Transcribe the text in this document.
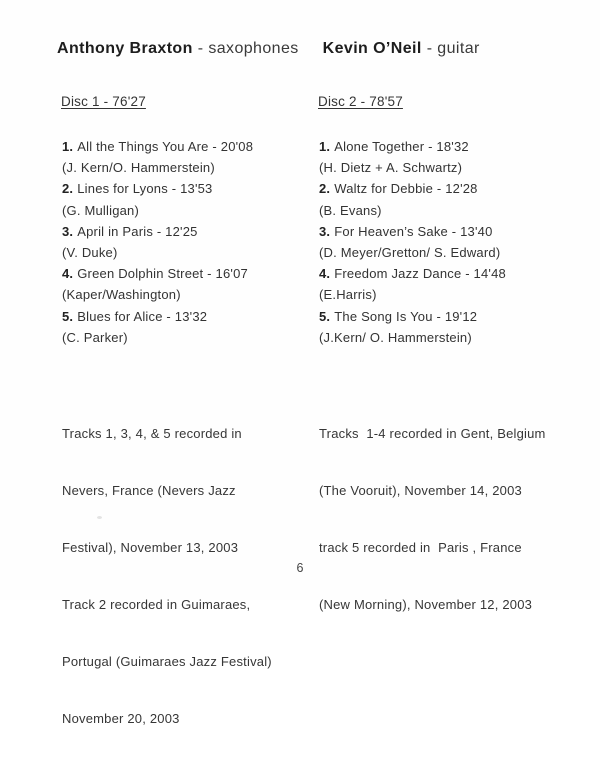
Anthony Braxton - saxophones Kevin O’Neil - guitar
Disc 1 - 76'27
1. All the Things You Are - 20'08
(J. Kern/O. Hammerstein)
2. Lines for Lyons - 13'53
(G. Mulligan)
3. April in Paris - 12'25
(V. Duke)
4. Green Dolphin Street - 16'07
(Kaper/Washington)
5. Blues for Alice - 13'32
(C. Parker)

Tracks 1, 3, 4, & 5 recorded in

Nevers, France (Nevers Jazz

Festival), November 13, 2003

Track 2 recorded in Guimaraes,

Portugal (Guimaraes Jazz Festival)

November 20, 2003

Disc 2 - 78'57
1. Alone Together - 18'32
(H. Dietz + A. Schwartz)
2. Waltz for Debbie - 12'28
(B. Evans)
3. For Heaven’s Sake - 13'40
(D. Meyer/Gretton/ S. Edward)
4. Freedom Jazz Dance - 14'48
(E.Harris)
5. The Song Is You - 19'12
(J.Kern/ O. Hammerstein)

Tracks  1-4 recorded in Gent, Belgium

(The Vooruit), November 14, 2003

track 5 recorded in  Paris , France

(New Morning), November 12, 2003

6
